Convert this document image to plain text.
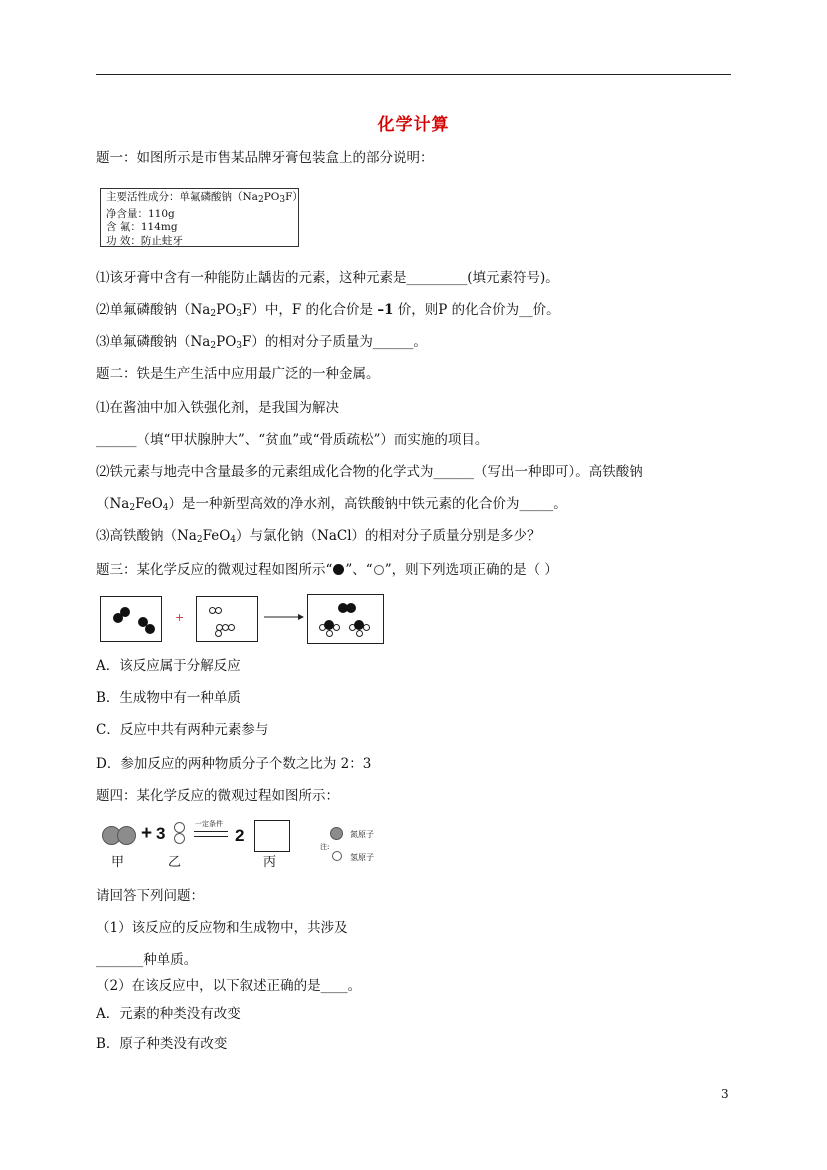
化学计算
题一：如图所示是市售某品牌牙膏包装盒上的部分说明：
主要活性成分：单氟磷酸钠（Na2PO3F）
净含量：110g
含 氟：114mg
功 效：防止蛀牙
⑴该牙膏中含有一种能防止龋齿的元素，这种元素是_________(填元素符号)。
⑵单氟磷酸钠$(Na_2PO_3F)$中，F 的化合价是 –1 价，则P 的化合价为__价。
⑶单氟磷酸钠$(Na_2PO_3F)$的相对分子质量为______。
题二：铁是生产生活中应用最广泛的一种金属。
⑴在酱油中加入铁强化剂，是我国为解决
______（填“甲状腺肿大”、“贫血”或“骨质疏松”）而实施的项目。
⑵铁元素与地壳中含量最多的元素组成化合物的化学式为______（写出一种即可）。高铁酸钠
$(Na_2FeO_4)$是一种新型高效的净水剂，高铁酸钠中铁元素的化合价为_____。
⑶高铁酸钠$(Na_2FeO_4)$与氯化钠（NaCl）的相对分子质量分别是多少？
题三：某化学反应的微观过程如图所示“ ”、“ ”，则下列选项正确的是（ ）
+
A．该反应属于分解反应
B．生成物中有一种单质
C．反应中共有两种元素参与
D．参加反应的两种物质分子个数之比为 2：3
题四：某化学反应的微观过程如图所示：
+ 3	一定条件
2
甲	乙	丙
注:
氮原子
氢原子
请回答下列问题：
（1）该反应的反应物和生成物中，共涉及
_______种单质。
（2）在该反应中，以下叙述正确的是____。
A．元素的种类没有改变
B．原子种类没有改变
3
